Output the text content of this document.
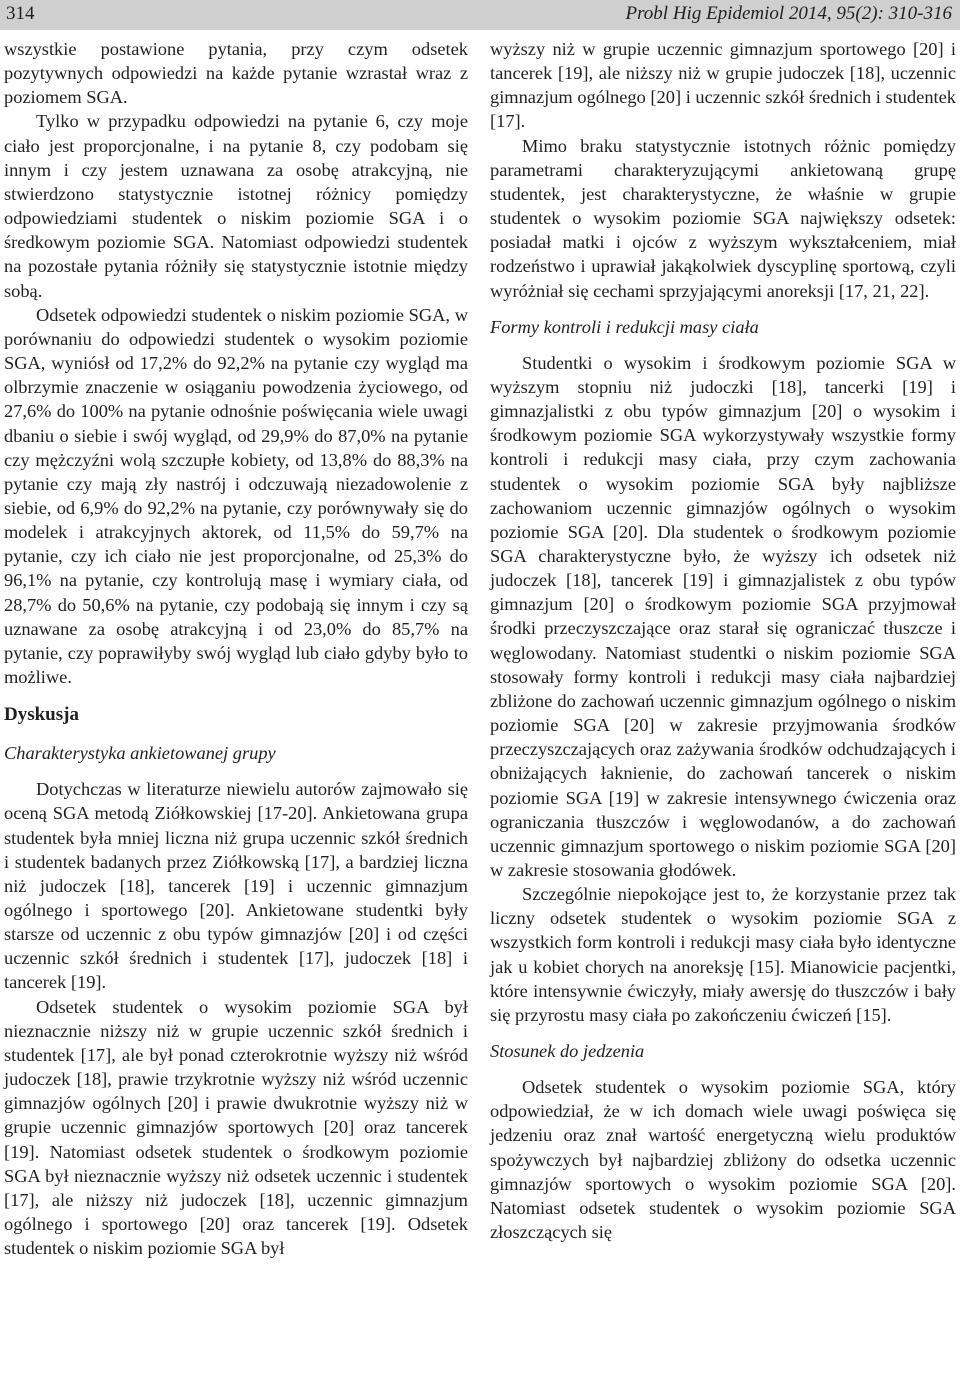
314	Probl Hig Epidemiol 2014, 95(2): 310-316

wszystkie postawione pytania, przy czym odsetek pozytywnych odpowiedzi na każde pytanie wzrastał wraz z poziomem SGA.

Tylko w przypadku odpowiedzi na pytanie 6, czy moje ciało jest proporcjonalne, i na pytanie 8, czy podobam się innym i czy jestem uznawana za osobę atrakcyjną, nie stwierdzono statystycznie istotnej różnicy pomiędzy odpowiedziami studentek o niskim poziomie SGA i o średkowym poziomie SGA. Natomiast odpowiedzi studentek na pozostałe pytania różniły się statystycznie istotnie między sobą.

Odsetek odpowiedzi studentek o niskim poziomie SGA, w porównaniu do odpowiedzi studentek o wysokim poziomie SGA, wyniósł od 17,2% do 92,2% na pytanie czy wygląd ma olbrzymie znaczenie w osiąganiu powodzenia życiowego, od 27,6% do 100% na pytanie odnośnie poświęcania wiele uwagi dbaniu o siebie i swój wygląd, od 29,9% do 87,0% na pytanie czy mężczyźni wolą szczupłe kobiety, od 13,8% do 88,3% na pytanie czy mają zły nastrój i odczuwają niezadowolenie z siebie, od 6,9% do 92,2% na pytanie, czy porównywały się do modelek i atrakcyjnych aktorek, od 11,5% do 59,7% na pytanie, czy ich ciało nie jest proporcjonalne, od 25,3% do 96,1% na pytanie, czy kontrolują masę i wymiary ciała, od 28,7% do 50,6% na pytanie, czy podobają się innym i czy są uznawane za osobę atrakcyjną i od 23,0% do 85,7% na pytanie, czy poprawiłyby swój wygląd lub ciało gdyby było to możliwe.

Dyskusja
Charakterystyka ankietowanej grupy

Dotychczas w literaturze niewielu autorów zajmowało się oceną SGA metodą Ziółkowskiej [17-20]. Ankietowana grupa studentek była mniej liczna niż grupa uczennic szkół średnich i studentek badanych przez Ziółkowską [17], a bardziej liczna niż judoczek [18], tancerek [19] i uczennic gimnazjum ogólnego i sportowego [20]. Ankietowane studentki były starsze od uczennic z obu typów gimnazjów [20] i od części uczennic szkół średnich i studentek [17], judoczek [18] i tancerek [19].

Odsetek studentek o wysokim poziomie SGA był nieznacznie niższy niż w grupie uczennic szkół średnich i studentek [17], ale był ponad czterokrotnie wyższy niż wśród judoczek [18], prawie trzykrotnie wyższy niż wśród uczennic gimnazjów ogólnych [20] i prawie dwukrotnie wyższy niż w grupie uczennic gimnazjów sportowych [20] oraz tancerek [19]. Natomiast odsetek studentek o środkowym poziomie SGA był nieznacznie wyższy niż odsetek uczennic i studentek [17], ale niższy niż judoczek [18], uczennic gimnazjum ogólnego i sportowego [20] oraz tancerek [19]. Odsetek studentek o niskim poziomie SGA był

wyższy niż w grupie uczennic gimnazjum sportowego [20] i tancerek [19], ale niższy niż w grupie judoczek [18], uczennic gimnazjum ogólnego [20] i uczennic szkół średnich i studentek [17].

Mimo braku statystycznie istotnych różnic pomiędzy parametrami charakteryzującymi ankietowaną grupę studentek, jest charakterystyczne, że właśnie w grupie studentek o wysokim poziomie SGA największy odsetek: posiadał matki i ojców z wyższym wykształceniem, miał rodzeństwo i uprawiał jakąkolwiek dyscyplinę sportową, czyli wyróżniał się cechami sprzyjającymi anoreksji [17, 21, 22].

Formy kontroli i redukcji masy ciała

Studentki o wysokim i środkowym poziomie SGA w wyższym stopniu niż judoczki [18], tancerki [19] i gimnazjalistki z obu typów gimnazjum [20] o wysokim i środkowym poziomie SGA wykorzystywały wszystkie formy kontroli i redukcji masy ciała, przy czym zachowania studentek o wysokim poziomie SGA były najbliższe zachowaniom uczennic gimnazjów ogólnych o wysokim poziomie SGA [20]. Dla studentek o środkowym poziomie SGA charakterystyczne było, że wyższy ich odsetek niż judoczek [18], tancerek [19] i gimnazjalistek z obu typów gimnazjum [20] o środkowym poziomie SGA przyjmował środki przeczyszczające oraz starał się ograniczać tłuszcze i węglowodany. Natomiast studentki o niskim poziomie SGA stosowały formy kontroli i redukcji masy ciała najbardziej zbliżone do zachowań uczennic gimnazjum ogólnego o niskim poziomie SGA [20] w zakresie przyjmowania środków przeczyszczających oraz zażywania środków odchudzających i obniżających łaknienie, do zachowań tancerek o niskim poziomie SGA [19] w zakresie intensywnego ćwiczenia oraz ograniczania tłuszczów i węglowodanów, a do zachowań uczennic gimnazjum sportowego o niskim poziomie SGA [20] w zakresie stosowania głodówek.

Szczególnie niepokojące jest to, że korzystanie przez tak liczny odsetek studentek o wysokim poziomie SGA z wszystkich form kontroli i redukcji masy ciała było identyczne jak u kobiet chorych na anoreksję [15]. Mianowicie pacjentki, które intensywnie ćwiczyły, miały awersję do tłuszczów i bały się przyrostu masy ciała po zakończeniu ćwiczeń [15].

Stosunek do jedzenia

Odsetek studentek o wysokim poziomie SGA, który odpowiedział, że w ich domach wiele uwagi poświęca się jedzeniu oraz znał wartość energetyczną wielu produktów spożywczych był najbardziej zbliżony do odsetka uczennic gimnazjów sportowych o wysokim poziomie SGA [20]. Natomiast odsetek studentek o wysokim poziomie SGA złoszczących się
